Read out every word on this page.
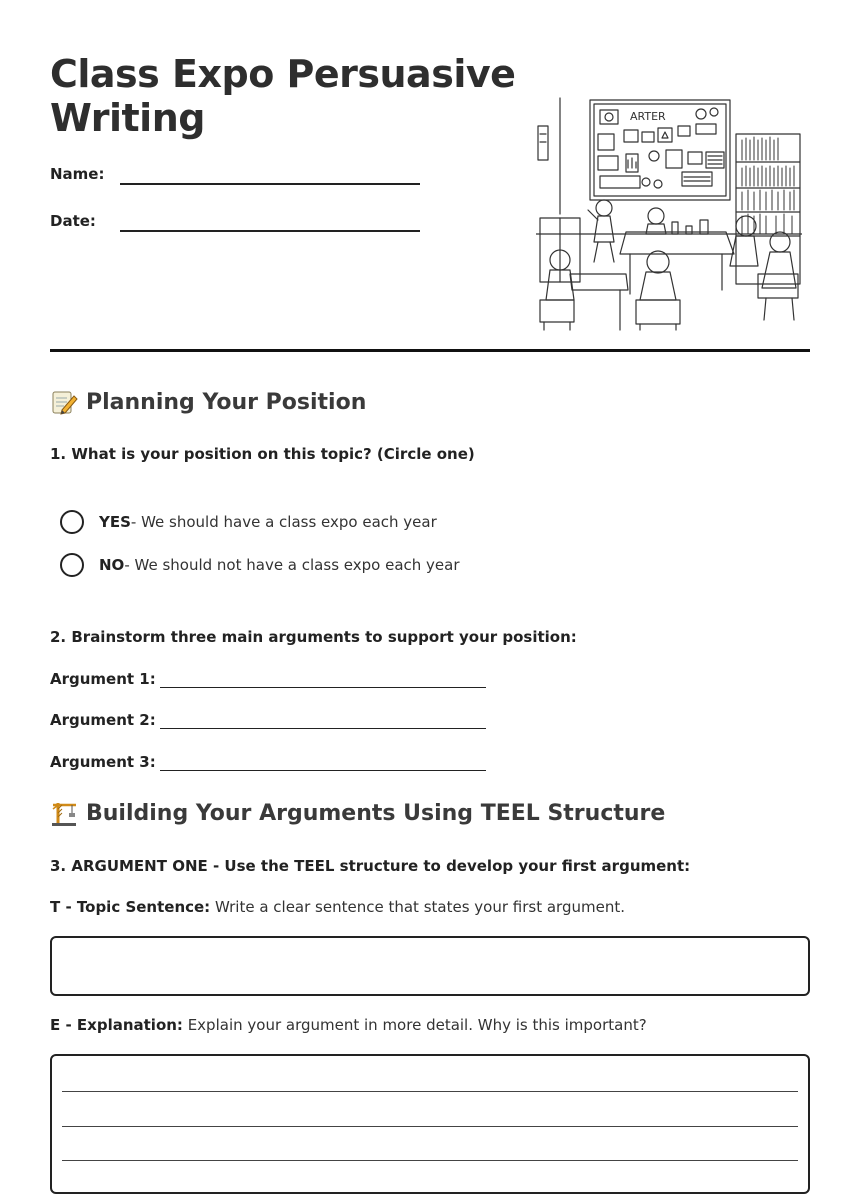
Class Expo Persuasive Writing
Name:
Date:
ARTER
Planning Your Position
1. What is your position on this topic? (Circle one)
YES - We should have a class expo each year
NO - We should not have a class expo each year
2. Brainstorm three main arguments to support your position:
Argument 1:
Argument 2:
Argument 3:
Building Your Arguments Using TEEL Structure
3. ARGUMENT ONE - Use the TEEL structure to develop your first argument:
T - Topic Sentence: Write a clear sentence that states your first argument.
E - Explanation: Explain your argument in more detail. Why is this important?
